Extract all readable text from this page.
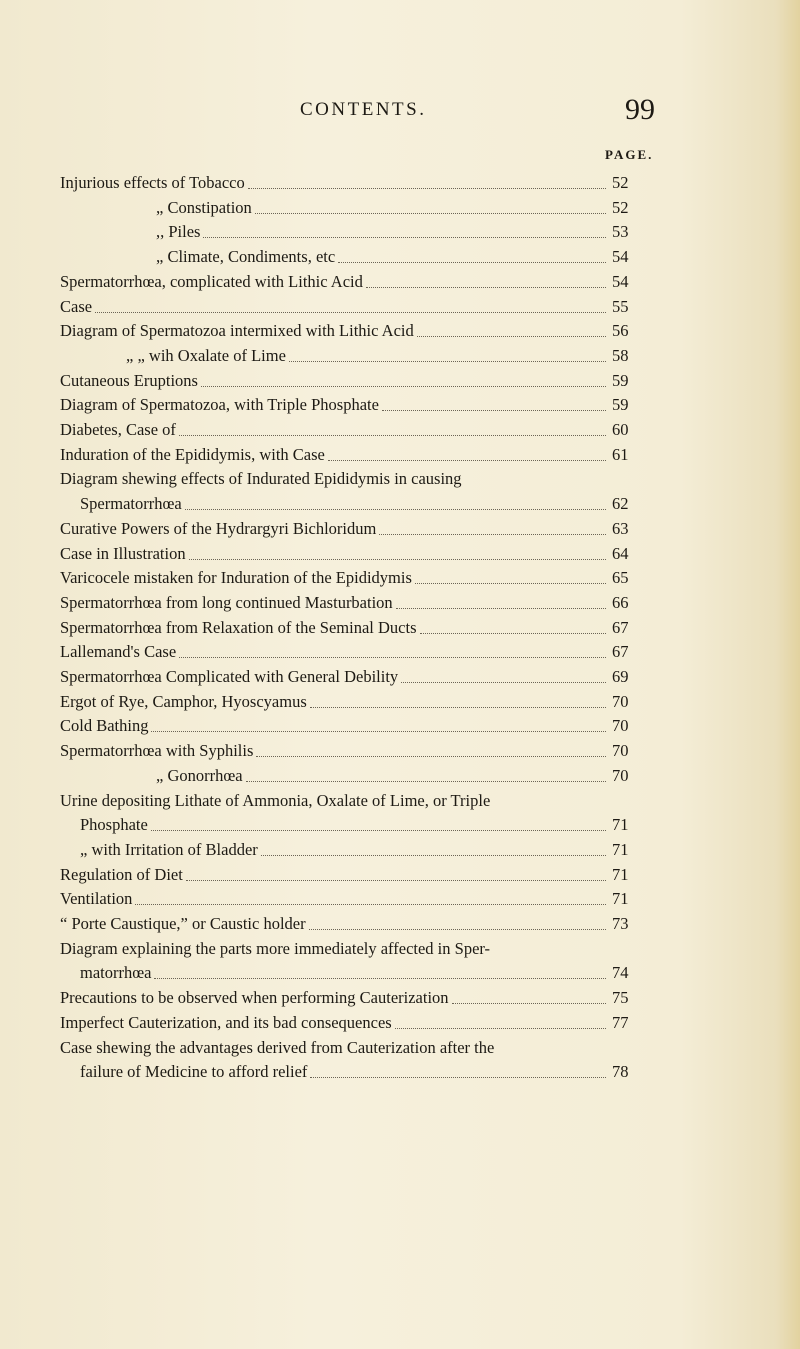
CONTENTS.	99
PAGE.
Injurious effects of Tobacco	52
„ Constipation	52
,, Piles	53
„ Climate, Condiments, etc	54
Spermatorrhœa, complicated with Lithic Acid	54
Case	55
Diagram of Spermatozoa intermixed with Lithic Acid	56
„ „ wih Oxalate of Lime	58
Cutaneous Eruptions	59
Diagram of Spermatozoa, with Triple Phosphate	59
Diabetes, Case of	60
Induration of the Epididymis, with Case	61
Diagram shewing effects of Indurated Epididymis in causing
Spermatorrhœa	62
Curative Powers of the Hydrargyri Bichloridum	63
Case in Illustration	64
Varicocele mistaken for Induration of the Epididymis	65
Spermatorrhœa from long continued Masturbation	66
Spermatorrhœa from Relaxation of the Seminal Ducts	67
Lallemand's Case	67
Spermatorrhœa Complicated with General Debility	69
Ergot of Rye, Camphor, Hyoscyamus	70
Cold Bathing	70
Spermatorrhœa with Syphilis	70
„ Gonorrhœa	70
Urine depositing Lithate of Ammonia, Oxalate of Lime, or Triple
Phosphate	71
„ with Irritation of Bladder	71
Regulation of Diet	71
Ventilation	71
“ Porte Caustique,” or Caustic holder	73
Diagram explaining the parts more immediately affected in Sper-
matorrhœa	74
Precautions to be observed when performing Cauterization	75
Imperfect Cauterization, and its bad consequences	77
Case shewing the advantages derived from Cauterization after the
failure of Medicine to afford relief	78
